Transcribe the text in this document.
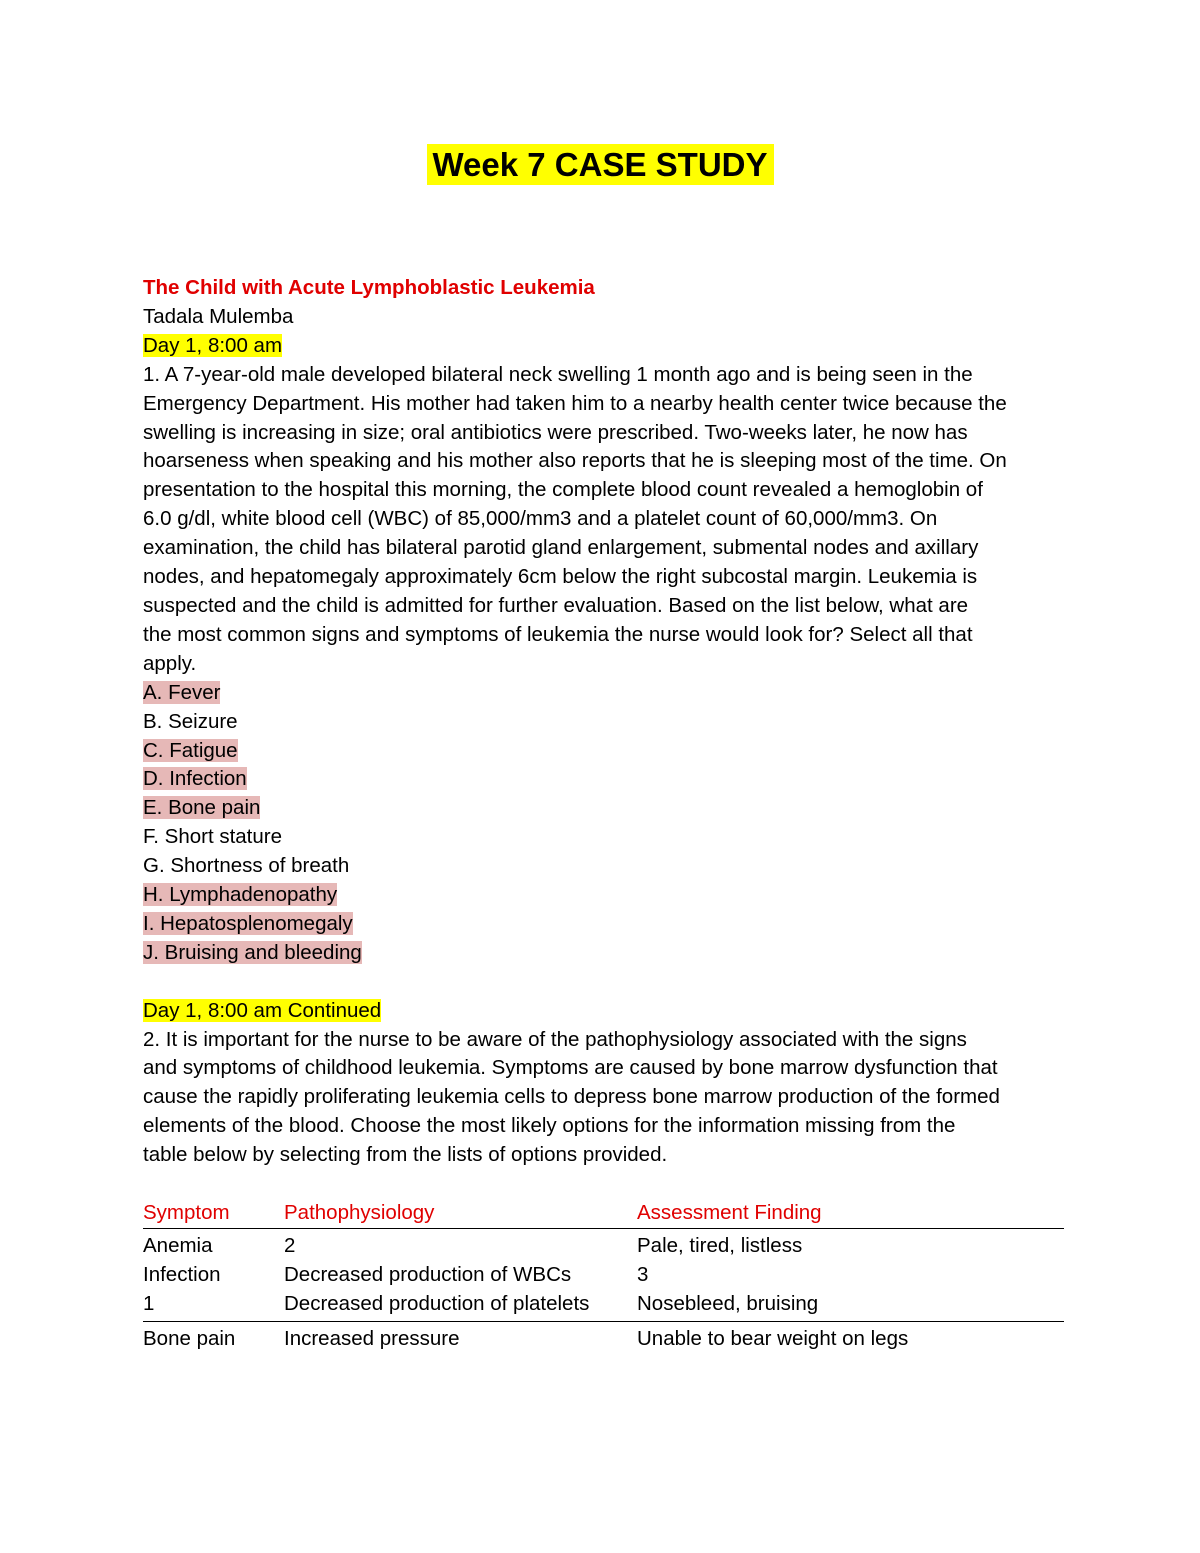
Week 7 CASE STUDY
The Child with Acute Lymphoblastic Leukemia
Tadala Mulemba
Day 1, 8:00 am
1. A 7-year-old male developed bilateral neck swelling 1 month ago and is being seen in the
Emergency Department. His mother had taken him to a nearby health center twice because the
swelling is increasing in size; oral antibiotics were prescribed. Two-weeks later, he now has
hoarseness when speaking and his mother also reports that he is sleeping most of the time. On
presentation to the hospital this morning, the complete blood count revealed a hemoglobin of
6.0 g/dl, white blood cell (WBC) of 85,000/mm3 and a platelet count of 60,000/mm3. On
examination, the child has bilateral parotid gland enlargement, submental nodes and axillary
nodes, and hepatomegaly approximately 6cm below the right subcostal margin. Leukemia is
suspected and the child is admitted for further evaluation. Based on the list below, what are
the most common signs and symptoms of leukemia the nurse would look for? Select all that
apply.
A. Fever
B. Seizure
C. Fatigue
D. Infection
E. Bone pain
F. Short stature
G. Shortness of breath
H. Lymphadenopathy
I. Hepatosplenomegaly
J. Bruising and bleeding
Day 1, 8:00 am Continued
2. It is important for the nurse to be aware of the pathophysiology associated with the signs
and symptoms of childhood leukemia. Symptoms are caused by bone marrow dysfunction that
cause the rapidly proliferating leukemia cells to depress bone marrow production of the formed
elements of the blood. Choose the most likely options for the information missing from the
table below by selecting from the lists of options provided.
Symptom	Pathophysiology	Assessment Finding
Anemia	2	Pale, tired, listless
Infection	Decreased production of WBCs	3
1	Decreased production of platelets	Nosebleed, bruising
Bone pain	Increased pressure	Unable to bear weight on legs
